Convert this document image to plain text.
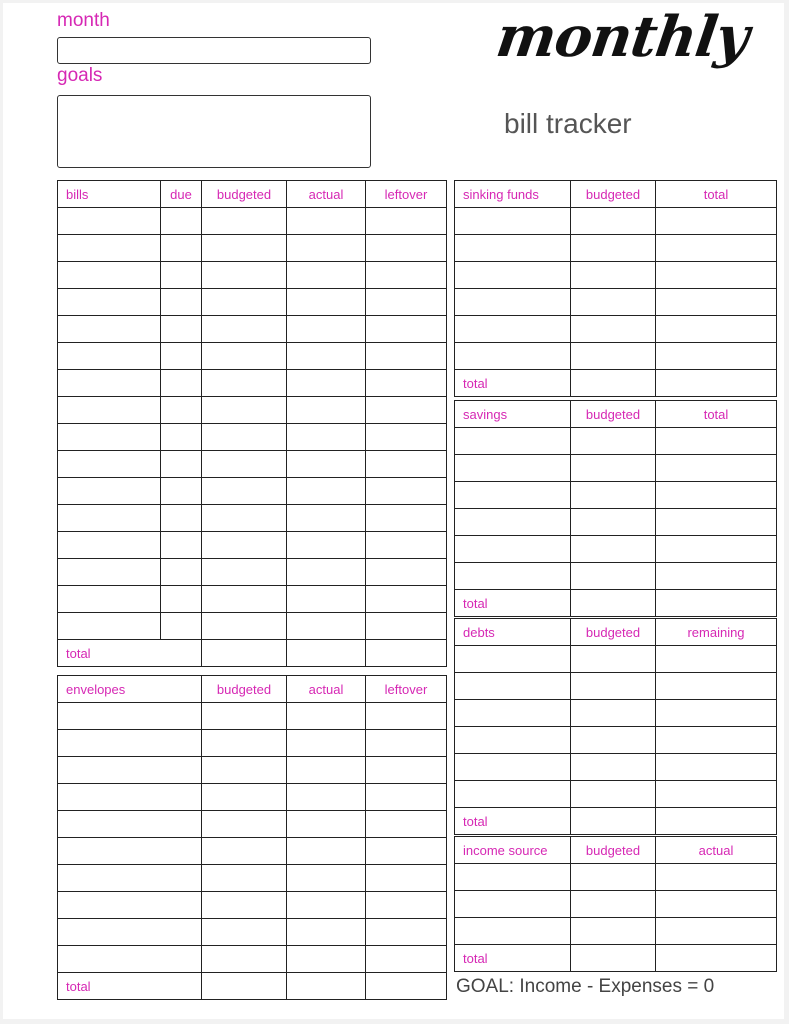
month
goals
monthly
bill tracker
bills	due	budgeted	actual	leftover

total				
envelopes	budgeted	actual	leftover

total			
sinking funds	budgeted	total

total		
savings	budgeted	total

total		
debts	budgeted	remaining

total		
income source	budgeted	actual

total		
GOAL: Income - Expenses = 0
